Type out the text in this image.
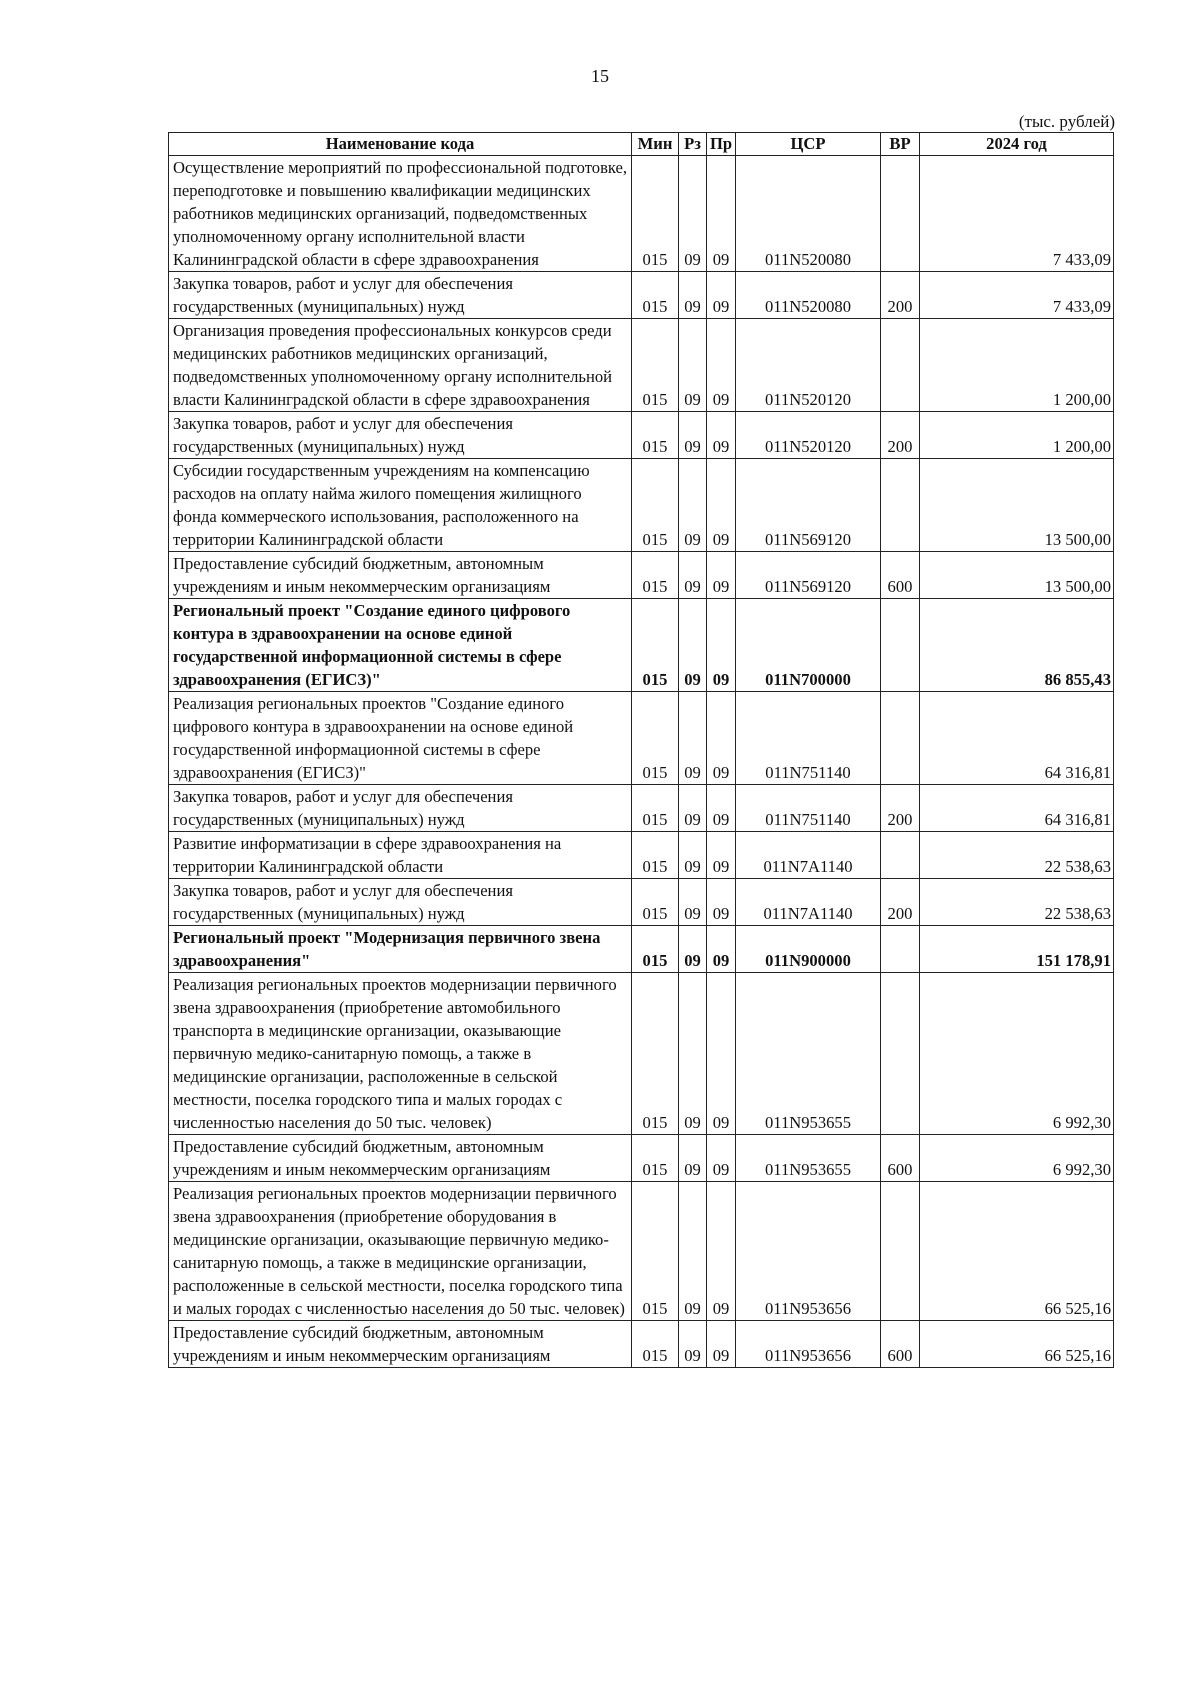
15
(тыс. рублей)
Наименование кода	Мин	Рз	Пр	ЦСР	ВР	2024 год
Осуществление мероприятий по профессиональной подготовке, переподготовке и повышению квалификации медицинских работников медицинских организаций, подведомственных уполномоченному органу исполнительной власти Калининградской области в сфере здравоохранения	015	09	09	011N520080		7 433,09
Закупка товаров, работ и услуг для обеспечения государственных (муниципальных) нужд	015	09	09	011N520080	200	7 433,09
Организация проведения профессиональных конкурсов среди медицинских работников медицинских организаций, подведомственных уполномоченному органу исполнительной власти Калининградской области в сфере здравоохранения	015	09	09	011N520120		1 200,00
Закупка товаров, работ и услуг для обеспечения государственных (муниципальных) нужд	015	09	09	011N520120	200	1 200,00
Субсидии государственным учреждениям на компенсацию расходов на оплату найма жилого помещения жилищного фонда коммерческого использования, расположенного на территории Калининградской области	015	09	09	011N569120		13 500,00
Предоставление субсидий бюджетным, автономным учреждениям и иным некоммерческим организациям	015	09	09	011N569120	600	13 500,00
Региональный проект "Создание единого цифрового контура в здравоохранении на основе единой государственной информационной системы в сфере здравоохранения (ЕГИСЗ)"	015	09	09	011N700000		86 855,43
Реализация региональных проектов "Создание единого цифрового контура в здравоохранении на основе единой государственной информационной системы в сфере здравоохранения (ЕГИСЗ)"	015	09	09	011N751140		64 316,81
Закупка товаров, работ и услуг для обеспечения государственных (муниципальных) нужд	015	09	09	011N751140	200	64 316,81
Развитие информатизации в сфере здравоохранения на территории Калининградской области	015	09	09	011N7A1140		22 538,63
Закупка товаров, работ и услуг для обеспечения государственных (муниципальных) нужд	015	09	09	011N7A1140	200	22 538,63
Региональный проект "Модернизация первичного звена здравоохранения"	015	09	09	011N900000		151 178,91
Реализация региональных проектов модернизации первичного звена здравоохранения (приобретение автомобильного транспорта в медицинские организации, оказывающие первичную медико-санитарную помощь, а также в медицинские организации, расположенные в сельской местности, поселка городского типа и малых городах с численностью населения до 50 тыс. человек)	015	09	09	011N953655		6 992,30
Предоставление субсидий бюджетным, автономным учреждениям и иным некоммерческим организациям	015	09	09	011N953655	600	6 992,30
Реализация региональных проектов модернизации первичного звена здравоохранения (приобретение оборудования в медицинские организации, оказывающие первичную медико-санитарную помощь, а также в медицинские организации, расположенные в сельской местности, поселка городского типа и малых городах с численностью населения до 50 тыс. человек)	015	09	09	011N953656		66 525,16
Предоставление субсидий бюджетным, автономным учреждениям и иным некоммерческим организациям	015	09	09	011N953656	600	66 525,16
